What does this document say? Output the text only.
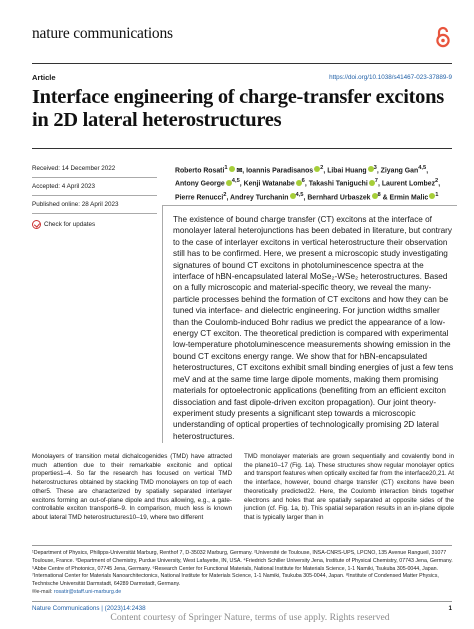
nature communications
Article	https://doi.org/10.1038/s41467-023-37889-9
Interface engineering of charge-transfer excitons in 2D lateral heterostructures
Received: 14 December 2022
Accepted: 4 April 2023
Published online: 28 April 2023
Check for updates
Roberto Rosati$^1$ ✉, Ioannis Paradisanos $^2$, Libai Huang $^3$, Ziyang Gan$^{4,5}$,
Antony George $^{4,5}$, Kenji Watanabe $^6$, Takashi Taniguchi $^7$, Laurent Lombez$^2$,
Pierre Renucci$^2$, Andrey Turchanin $^{4,5}$, Bernhard Urbaszek $^8$ & Ermin Malic $^1$

The existence of bound charge transfer (CT) excitons at the interface of monolayer lateral heterojunctions has been debated in literature, but contrary to the case of interlayer excitons in vertical heterostructure their observation still has to be confirmed. Here, we present a microscopic study investigating signatures of bound CT excitons in photoluminescence spectra at the interface of hBN-encapsulated lateral MoSe₂-WSe₂ heterostructures. Based on a fully microscopic and material-specific theory, we reveal the many-particle processes behind the formation of CT excitons and how they can be tuned via interface- and dielectric engineering. For junction widths smaller than the Coulomb-induced Bohr radius we predict the appearance of a low-energy CT exciton. The theoretical prediction is compared with experimental low-temperature photoluminescence measurements showing emission in the bound CT excitons energy range. We show that for hBN-encapsulated heterostructures, CT excitons exhibit small binding energies of just a few tens meV and at the same time large dipole moments, making them promising materials for optoelectronic applications (benefiting from an efficient exciton dissociation and fast dipole-driven exciton propagation). Our joint theory-experiment study presents a significant step towards a microscopic understanding of optical properties of technologically promising 2D lateral heterostructures.

Monolayers of transition metal dichalcogenides (TMD) have attracted much attention due to their remarkable excitonic and optical properties1–4. So far the research has focused on vertical TMD heterostructures obtained by stacking TMD monolayers on top of each other5. These are characterized by spatially separated interlayer excitons forming an out-of-plane dipole and thus allowing, e.g., a gate-controllable exciton transport6–9. In comparison, much less is known about lateral TMD heterostructures10–19, where two different

TMD monolayer materials are grown sequentially and covalently bond in the plane10–17 (Fig. 1a). These structures show regular monolayer optics and transport features when optically excited far from the interface20,21. At the interface, however, bound charge transfer (CT) excitons have been theoretically predicted22. Here, the Coulomb interaction binds together electrons and holes that are spatially separated at opposite sides of the junction (cf. Fig. 1a, b). This spatial separation results in an in-plane dipole that is typically larger than in

¹Department of Physics, Philipps-Universität Marburg, Renthof 7, D-35032 Marburg, Germany. ²Université de Toulouse, INSA-CNRS-UPS, LPCNO, 135 Avenue Rangueil, 31077 Toulouse, France. ³Department of Chemistry, Purdue University, West Lafayette, IN, USA. ⁴Friedrich Schiller University Jena, Institute of Physical Chemistry, 07743 Jena, Germany. ⁵Abbe Centre of Photonics, 07745 Jena, Germany. ⁶Research Center for Functional Materials, National Institute for Materials Science, 1-1 Namiki, Tsukuba 305-0044, Japan. ⁷International Center for Materials Nanoarchitectonics, National Institute for Materials Science, 1-1 Namiki, Tsukuba 305-0044, Japan. ⁸Institute of Condensed Matter Physics, Technische Universität Darmstadt, 64289 Darmstadt, Germany.
✉e-mail: rosatir@staff.uni-marburg.de
Nature Communications | (2023)14:2438	1
Content courtesy of Springer Nature, terms of use apply. Rights reserved
